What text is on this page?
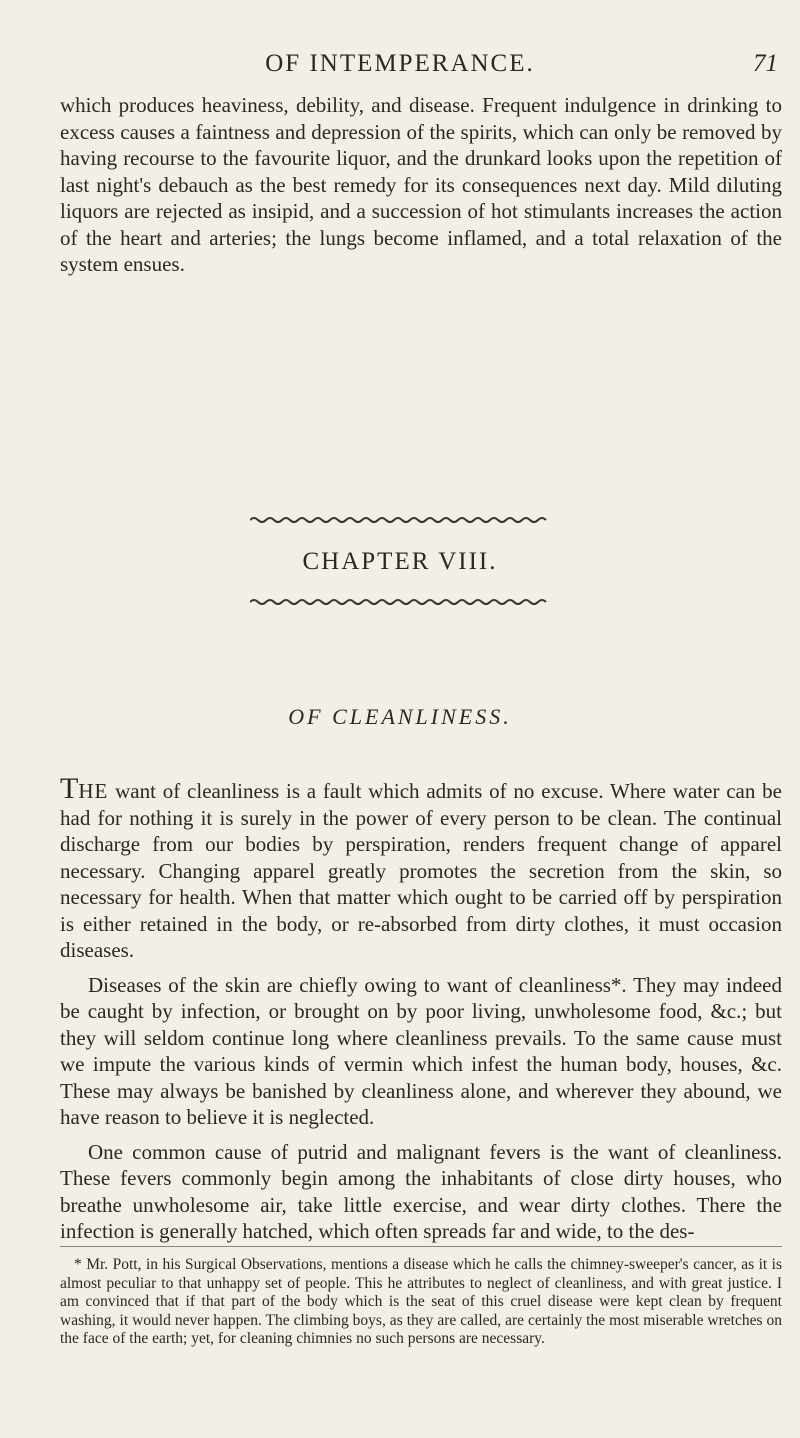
OF INTEMPERANCE.	71

which produces heaviness, debility, and disease. Frequent indulgence in drinking to excess causes a faintness and depression of the spirits, which can only be removed by having recourse to the favourite liquor, and the drunkard looks upon the repetition of last night's debauch as the best remedy for its consequences next day. Mild diluting liquors are rejected as insipid, and a succession of hot stimulants increases the action of the heart and arteries; the lungs become inflamed, and a total relaxation of the system ensues.

CHAPTER VIII.
OF CLEANLINESS.

THE want of cleanliness is a fault which admits of no excuse. Where water can be had for nothing it is surely in the power of every person to be clean. The continual discharge from our bodies by perspiration, renders frequent change of apparel necessary. Changing apparel greatly promotes the secretion from the skin, so necessary for health. When that matter which ought to be carried off by perspiration is either retained in the body, or re-absorbed from dirty clothes, it must occasion diseases.

Diseases of the skin are chiefly owing to want of cleanliness*. They may indeed be caught by infection, or brought on by poor living, unwholesome food, &c.; but they will seldom continue long where cleanliness prevails. To the same cause must we impute the various kinds of vermin which infest the human body, houses, &c. These may always be banished by cleanliness alone, and wherever they abound, we have reason to believe it is neglected.

One common cause of putrid and malignant fevers is the want of cleanliness. These fevers commonly begin among the inhabitants of close dirty houses, who breathe unwholesome air, take little exercise, and wear dirty clothes. There the infection is generally hatched, which often spreads far and wide, to the des-

* Mr. Pott, in his Surgical Observations, mentions a disease which he calls the chimney-sweeper's cancer, as it is almost peculiar to that unhappy set of people. This he attributes to neglect of cleanliness, and with great justice. I am convinced that if that part of the body which is the seat of this cruel disease were kept clean by frequent washing, it would never happen. The climbing boys, as they are called, are certainly the most miserable wretches on the face of the earth; yet, for cleaning chimnies no such persons are necessary.
